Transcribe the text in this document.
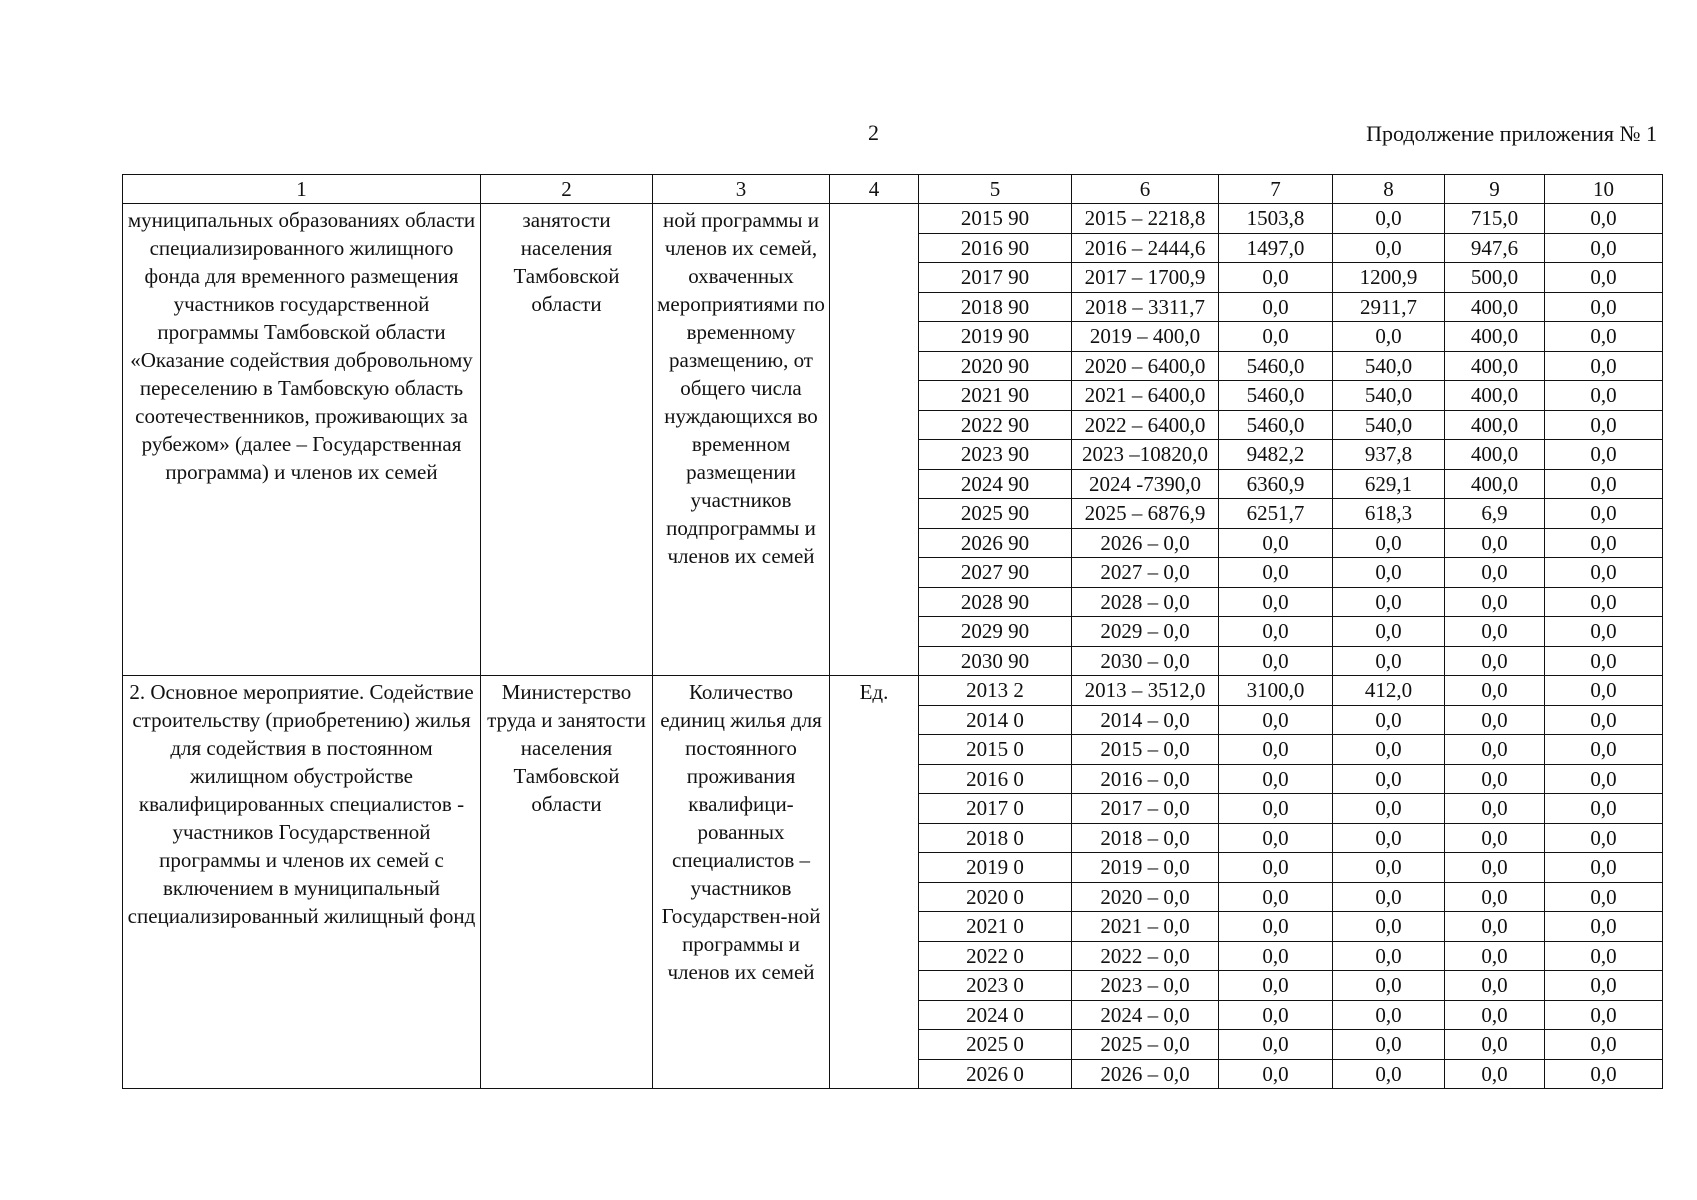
2	Продолжение приложения № 1
1	2	3	4	5	6	7	8	9	10
муниципальных образованиях области специализированного жилищного фонда для временного размещения участников государственной программы Тамбовской области «Оказание содействия добровольному переселению в Тамбовскую область соотечественников, проживающих за рубежом» (далее – Государственная программа) и членов их семей	занятости населения Тамбовской области	ной программы и членов их семей, охваченных мероприятиями по временному размещению, от общего числа нуждающихся во временном размещении участников подпрограммы и членов их семей		2015 90	2015 – 2218,8	1503,8	0,0	715,0	0,0
				2016 90	2016 – 2444,6	1497,0	0,0	947,6	0,0
				2017 90	2017 – 1700,9	0,0	1200,9	500,0	0,0
				2018 90	2018 – 3311,7	0,0	2911,7	400,0	0,0
				2019 90	2019 – 400,0	0,0	0,0	400,0	0,0
				2020 90	2020 – 6400,0	5460,0	540,0	400,0	0,0
				2021 90	2021 – 6400,0	5460,0	540,0	400,0	0,0
				2022 90	2022 – 6400,0	5460,0	540,0	400,0	0,0
				2023 90	2023 –10820,0	9482,2	937,8	400,0	0,0
				2024 90	2024 -7390,0	6360,9	629,1	400,0	0,0
				2025 90	2025 – 6876,9	6251,7	618,3	6,9	0,0
				2026 90	2026 – 0,0	0,0	0,0	0,0	0,0
				2027 90	2027 – 0,0	0,0	0,0	0,0	0,0
				2028 90	2028 – 0,0	0,0	0,0	0,0	0,0
				2029 90	2029 – 0,0	0,0	0,0	0,0	0,0
				2030 90	2030 – 0,0	0,0	0,0	0,0	0,0
2. Основное мероприятие. Содействие строительству (приобретению) жилья для содействия в постоянном жилищном обустройстве квалифицированных специалистов - участников Государственной программы и членов их семей с включением в муниципальный специализированный жилищный фонд	Министерство труда и занятости населения Тамбовской области	Количество единиц жилья для постоянного проживания квалифици-рованных специалистов – участников Государствен-ной программы и членов их семей	Ед.	2013 2	2013 – 3512,0	3100,0	412,0	0,0	0,0
				2014 0	2014 – 0,0	0,0	0,0	0,0	0,0
				2015 0	2015 – 0,0	0,0	0,0	0,0	0,0
				2016 0	2016 – 0,0	0,0	0,0	0,0	0,0
				2017 0	2017 – 0,0	0,0	0,0	0,0	0,0
				2018 0	2018 – 0,0	0,0	0,0	0,0	0,0
				2019 0	2019 – 0,0	0,0	0,0	0,0	0,0
				2020 0	2020 – 0,0	0,0	0,0	0,0	0,0
				2021 0	2021 – 0,0	0,0	0,0	0,0	0,0
				2022 0	2022 – 0,0	0,0	0,0	0,0	0,0
				2023 0	2023 – 0,0	0,0	0,0	0,0	0,0
				2024 0	2024 – 0,0	0,0	0,0	0,0	0,0
				2025 0	2025 – 0,0	0,0	0,0	0,0	0,0
				2026 0	2026 – 0,0	0,0	0,0	0,0	0,0
